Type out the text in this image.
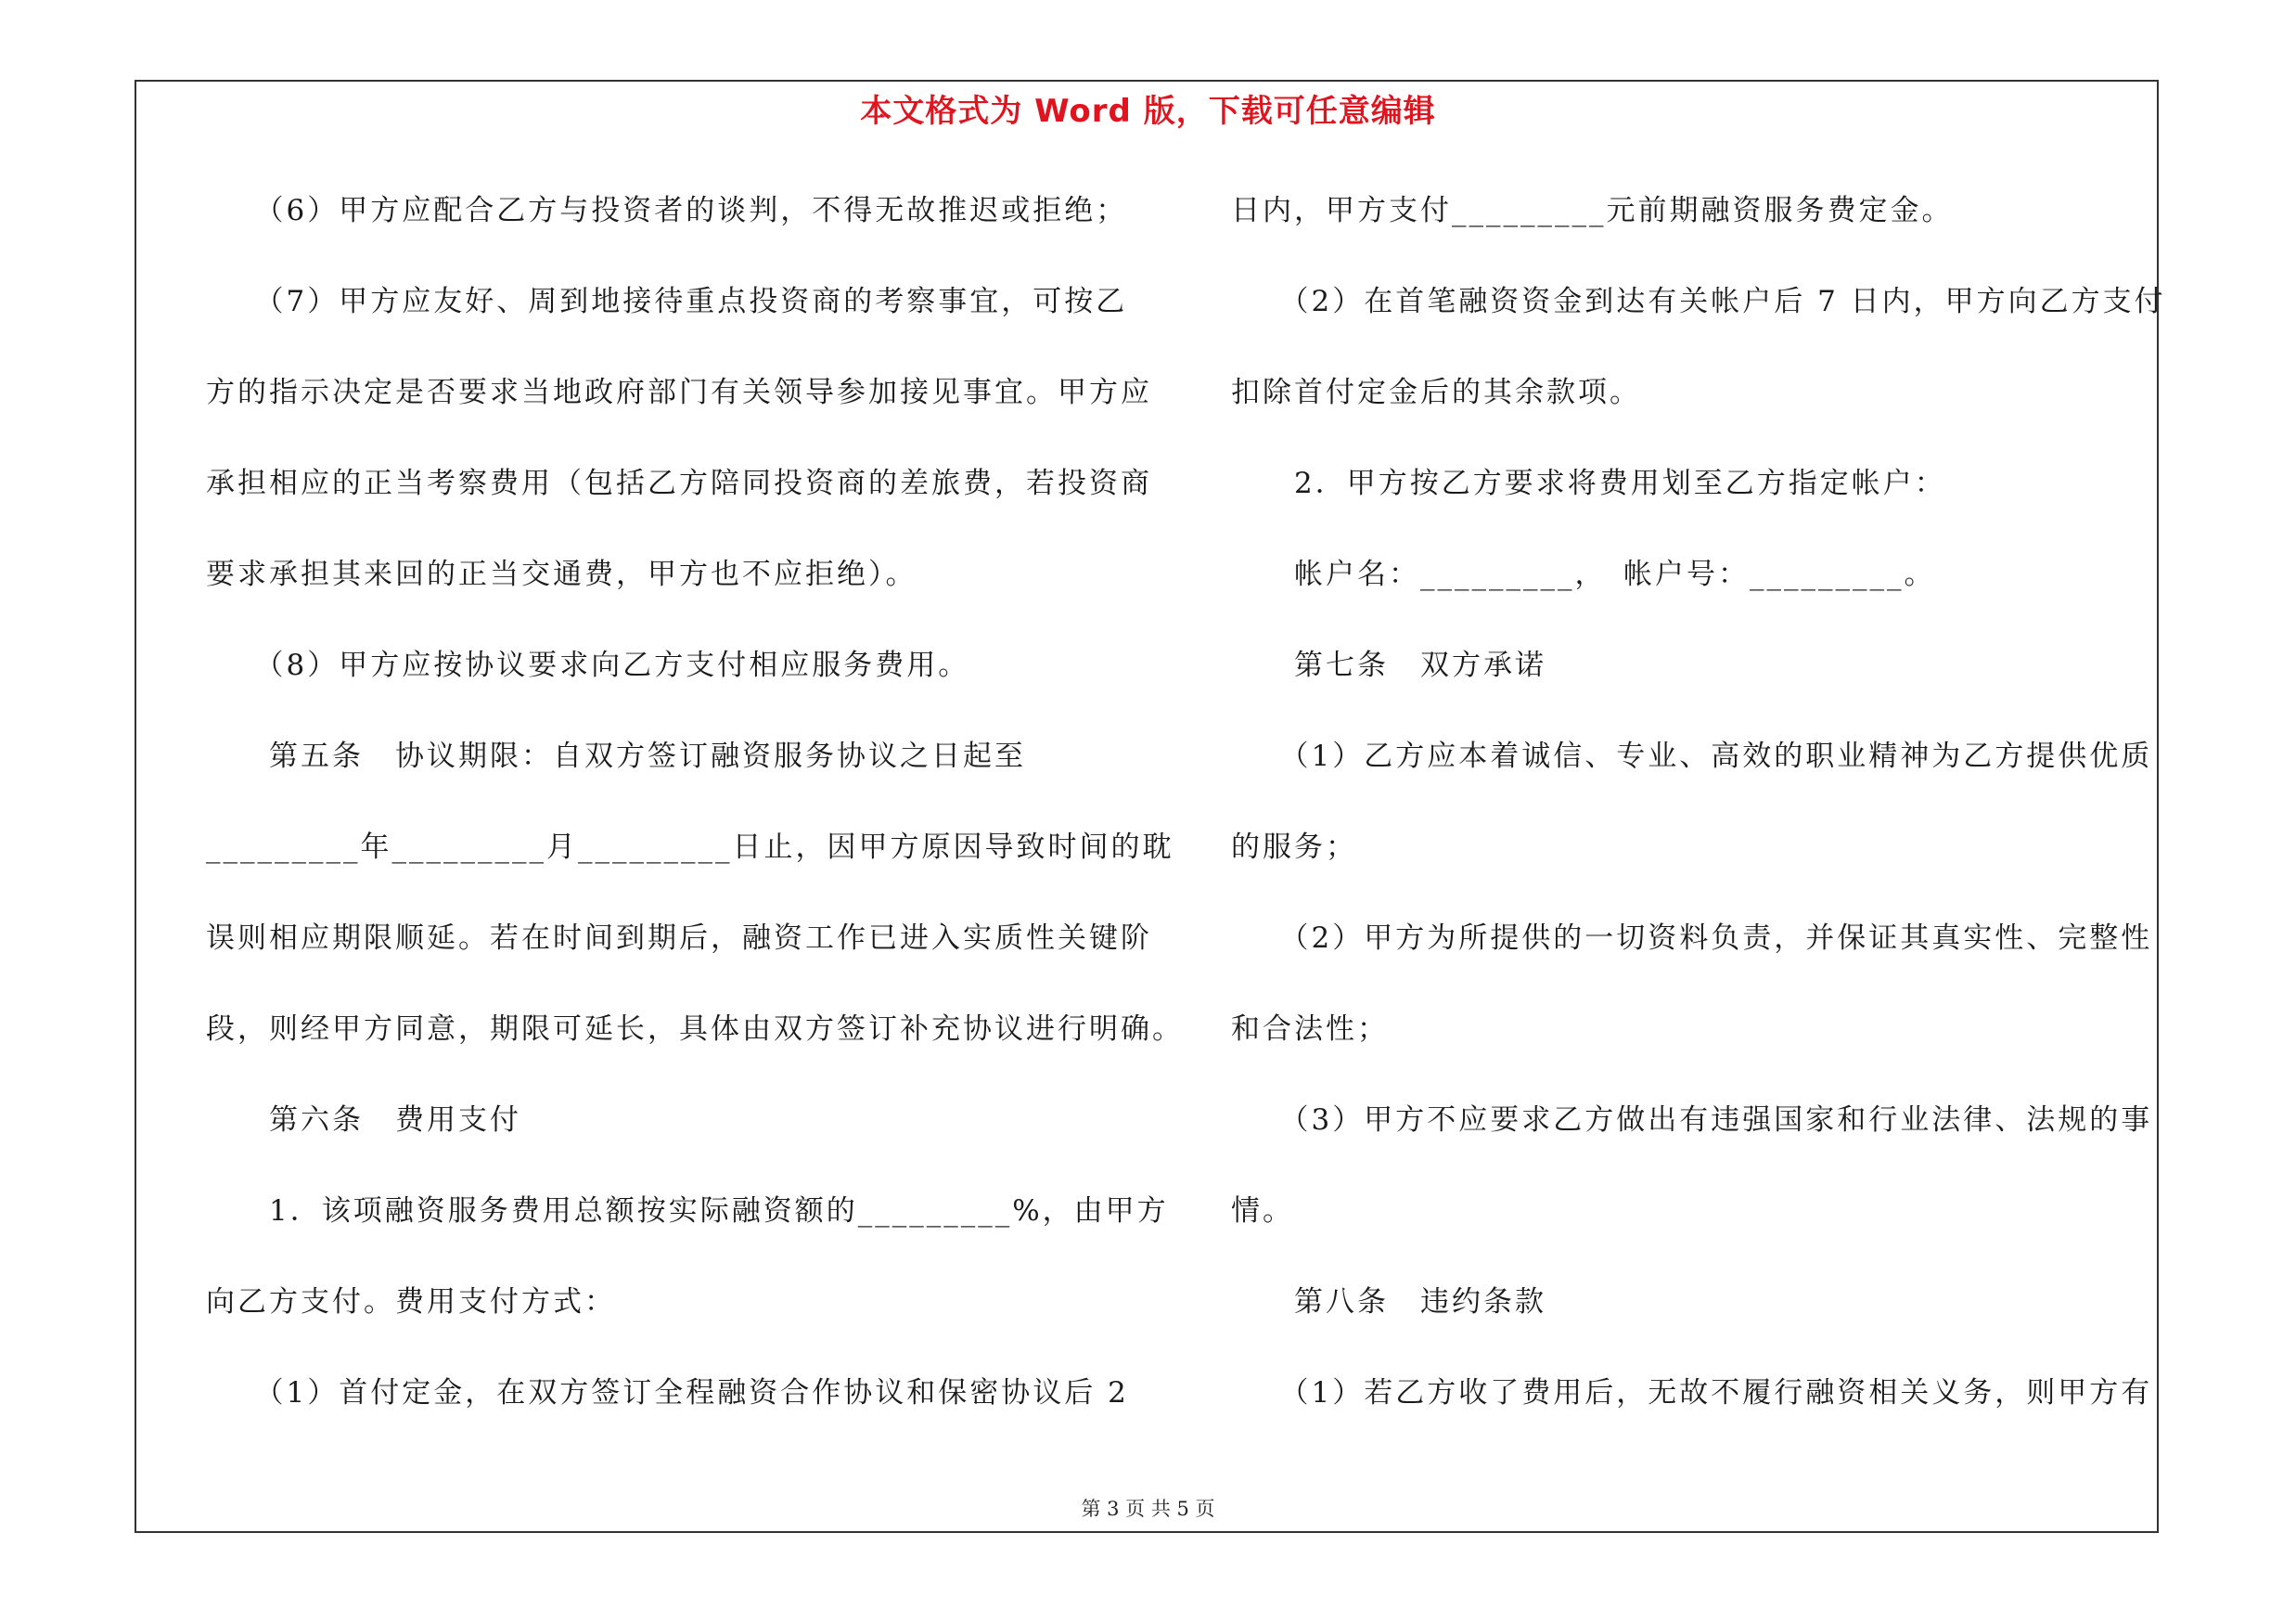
本文格式为 Word 版，下载可任意编辑
　　（6）甲方应配合乙方与投资者的谈判，不得无故推迟或拒绝；
　　（7）甲方应友好、周到地接待重点投资商的考察事宜，可按乙
方的指示决定是否要求当地政府部门有关领导参加接见事宜。甲方应
承担相应的正当考察费用（包括乙方陪同投资商的差旅费，若投资商
要求承担其来回的正当交通费，甲方也不应拒绝）。
　　（8）甲方应按协议要求向乙方支付相应服务费用。
　　第五条　协议期限：自双方签订融资服务协议之日起至
_________年_________月_________日止，因甲方原因导致时间的耽
误则相应期限顺延。若在时间到期后，融资工作已进入实质性关键阶
段，则经甲方同意，期限可延长，具体由双方签订补充协议进行明确。
　　第六条　费用支付
　　1．该项融资服务费用总额按实际融资额的_________%，由甲方
向乙方支付。费用支付方式：
　　（1）首付定金，在双方签订全程融资合作协议和保密协议后 2
日内，甲方支付_________元前期融资服务费定金。
　　（2）在首笔融资资金到达有关帐户后 7 日内，甲方向乙方支付
扣除首付定金后的其余款项。
　　2．甲方按乙方要求将费用划至乙方指定帐户：
　　帐户名：_________，　帐户号：_________。
　　第七条　双方承诺
　　（1）乙方应本着诚信、专业、高效的职业精神为乙方提供优质
的服务；
　　（2）甲方为所提供的一切资料负责，并保证其真实性、完整性
和合法性；
　　（3）甲方不应要求乙方做出有违强国家和行业法律、法规的事
情。
　　第八条　违约条款
　　（1）若乙方收了费用后，无故不履行融资相关义务，则甲方有
第 3 页 共 5 页
